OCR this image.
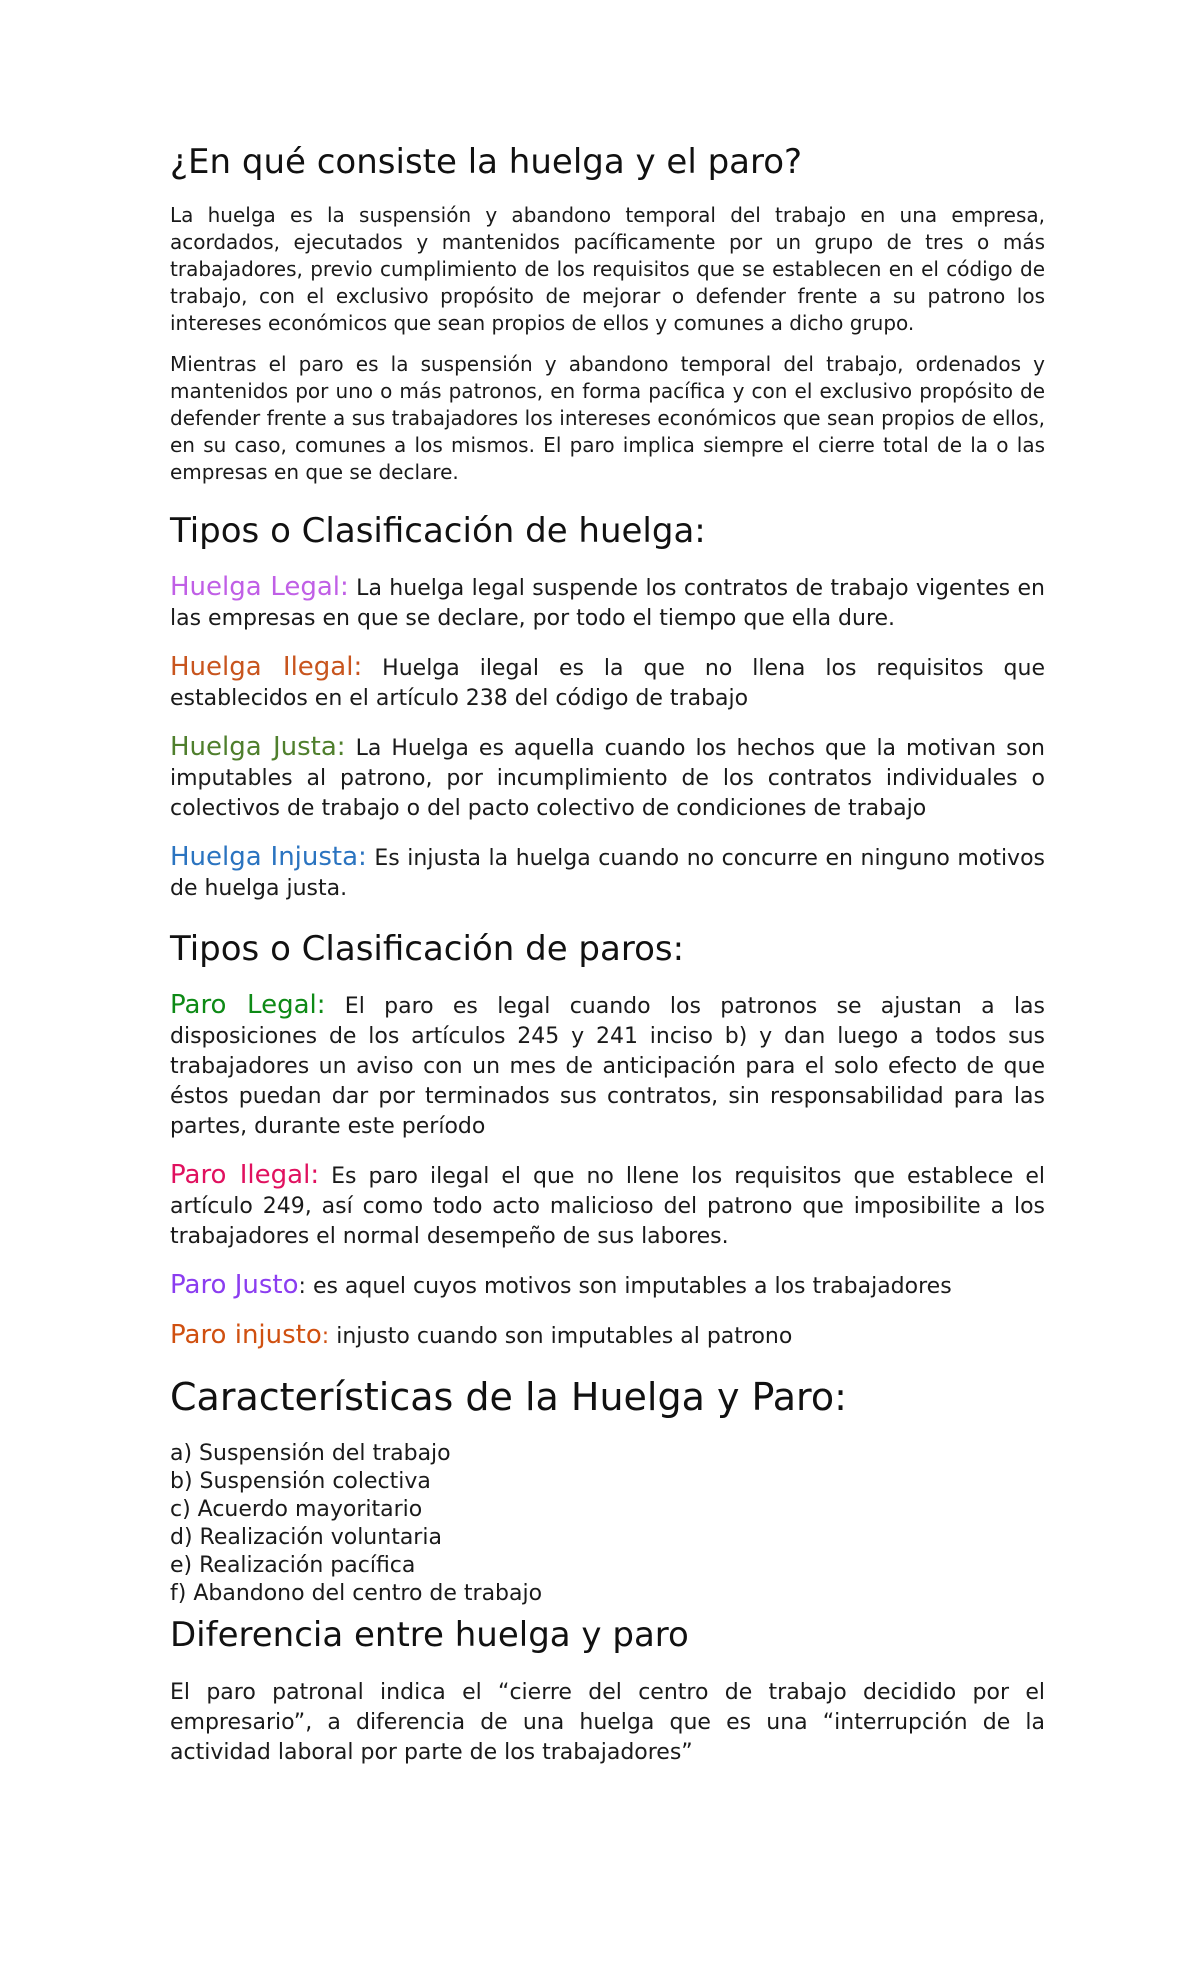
¿En qué consiste la huelga y el paro?

La huelga es la suspensión y abandono temporal del trabajo en una empresa, acordados, ejecutados y mantenidos pacíficamente por un grupo de tres o más trabajadores, previo cumplimiento de los requisitos que se establecen en el código de trabajo, con el exclusivo propósito de mejorar o defender frente a su patrono los intereses económicos que sean propios de ellos y comunes a dicho grupo.

Mientras el paro es la suspensión y abandono temporal del trabajo, ordenados y mantenidos por uno o más patronos, en forma pacífica y con el exclusivo propósito de defender frente a sus trabajadores los intereses económicos que sean propios de ellos, en su caso, comunes a los mismos. El paro implica siempre el cierre total de la o las empresas en que se declare.

Tipos o Clasificación de huelga:

Huelga Legal: La huelga legal suspende los contratos de trabajo vigentes en las empresas en que se declare, por todo el tiempo que ella dure.

Huelga Ilegal: Huelga ilegal es la que no llena los requisitos que establecidos en el artículo 238 del código de trabajo

Huelga Justa: La Huelga es aquella cuando los hechos que la motivan son imputables al patrono, por incumplimiento de los contratos individuales o colectivos de trabajo o del pacto colectivo de condiciones de trabajo

Huelga Injusta: Es injusta la huelga cuando no concurre en ninguno motivos de huelga justa.

Tipos o Clasificación de paros:

Paro Legal: El paro es legal cuando los patronos se ajustan a las disposiciones de los artículos 245 y 241 inciso b) y dan luego a todos sus trabajadores un aviso con un mes de anticipación para el solo efecto de que éstos puedan dar por terminados sus contratos, sin responsabilidad para las partes, durante este período

Paro Ilegal: Es paro ilegal el que no llene los requisitos que establece el artículo 249, así como todo acto malicioso del patrono que imposibilite a los trabajadores el normal desempeño de sus labores.

Paro Justo: es aquel cuyos motivos son imputables a los trabajadores

Paro injusto: injusto cuando son imputables al patrono

Características de la Huelga y Paro:
a) Suspensión del trabajo
b) Suspensión colectiva
c) Acuerdo mayoritario
d) Realización voluntaria
e) Realización pacífica
f) Abandono del centro de trabajo
Diferencia entre huelga y paro

El paro patronal indica el “cierre del centro de trabajo decidido por el empresario”, a diferencia de una huelga que es una “interrupción de la actividad laboral por parte de los trabajadores”
